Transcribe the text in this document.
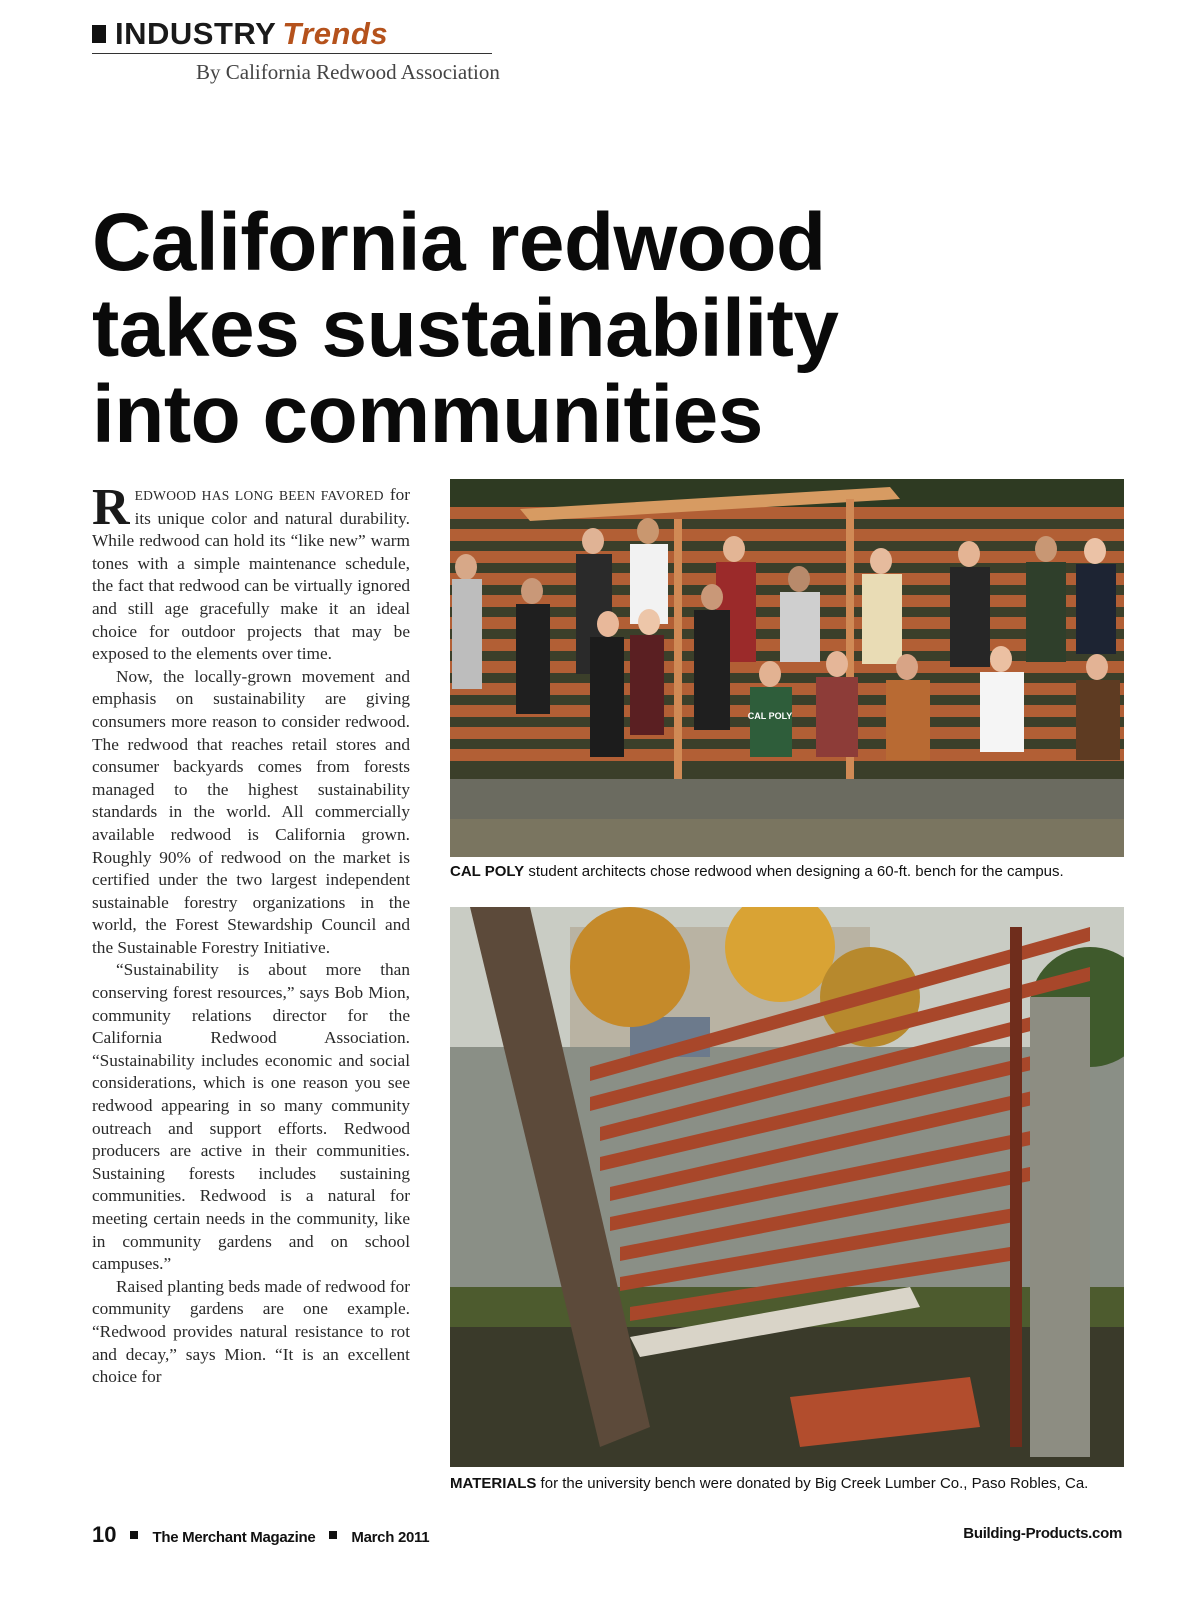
INDUSTRY Trends
By California Redwood Association
California redwood
takes sustainability
into communities

REDWOOD HAS LONG BEEN FAVORED for its unique color and natural durability. While redwood can hold its “like new” warm tones with a simple maintenance schedule, the fact that redwood can be virtually ignored and still age gracefully make it an ideal choice for outdoor projects that may be exposed to the elements over time.

Now, the locally-grown movement and emphasis on sustainability are giving consumers more reason to consider redwood. The redwood that reaches retail stores and consumer backyards comes from forests managed to the highest sustainability standards in the world. All commercially available redwood is California grown. Roughly 90% of redwood on the market is certified under the two largest independent sustainable forestry organizations in the world, the Forest Stewardship Council and the Sustainable Forestry Initiative.

“Sustainability is about more than conserving forest resources,” says Bob Mion, community relations director for the California Redwood Association. “Sustainability includes economic and social considerations, which is one reason you see redwood appearing in so many community outreach and support efforts. Redwood producers are active in their communities. Sustaining forests includes sustaining communities. Redwood is a natural for meeting certain needs in the community, like in community gardens and on school campuses.”

Raised planting beds made of redwood for community gardens are one example. “Redwood provides natural resistance to rot and decay,” says Mion. “It is an excellent choice for

CAL POLY
CAL POLY student architects chose redwood when designing a 60-ft. bench for the campus.
MATERIALS for the university bench were donated by Big Creek Lumber Co., Paso Robles, Ca.
10 The Merchant Magazine March 2011	Building-Products.com
